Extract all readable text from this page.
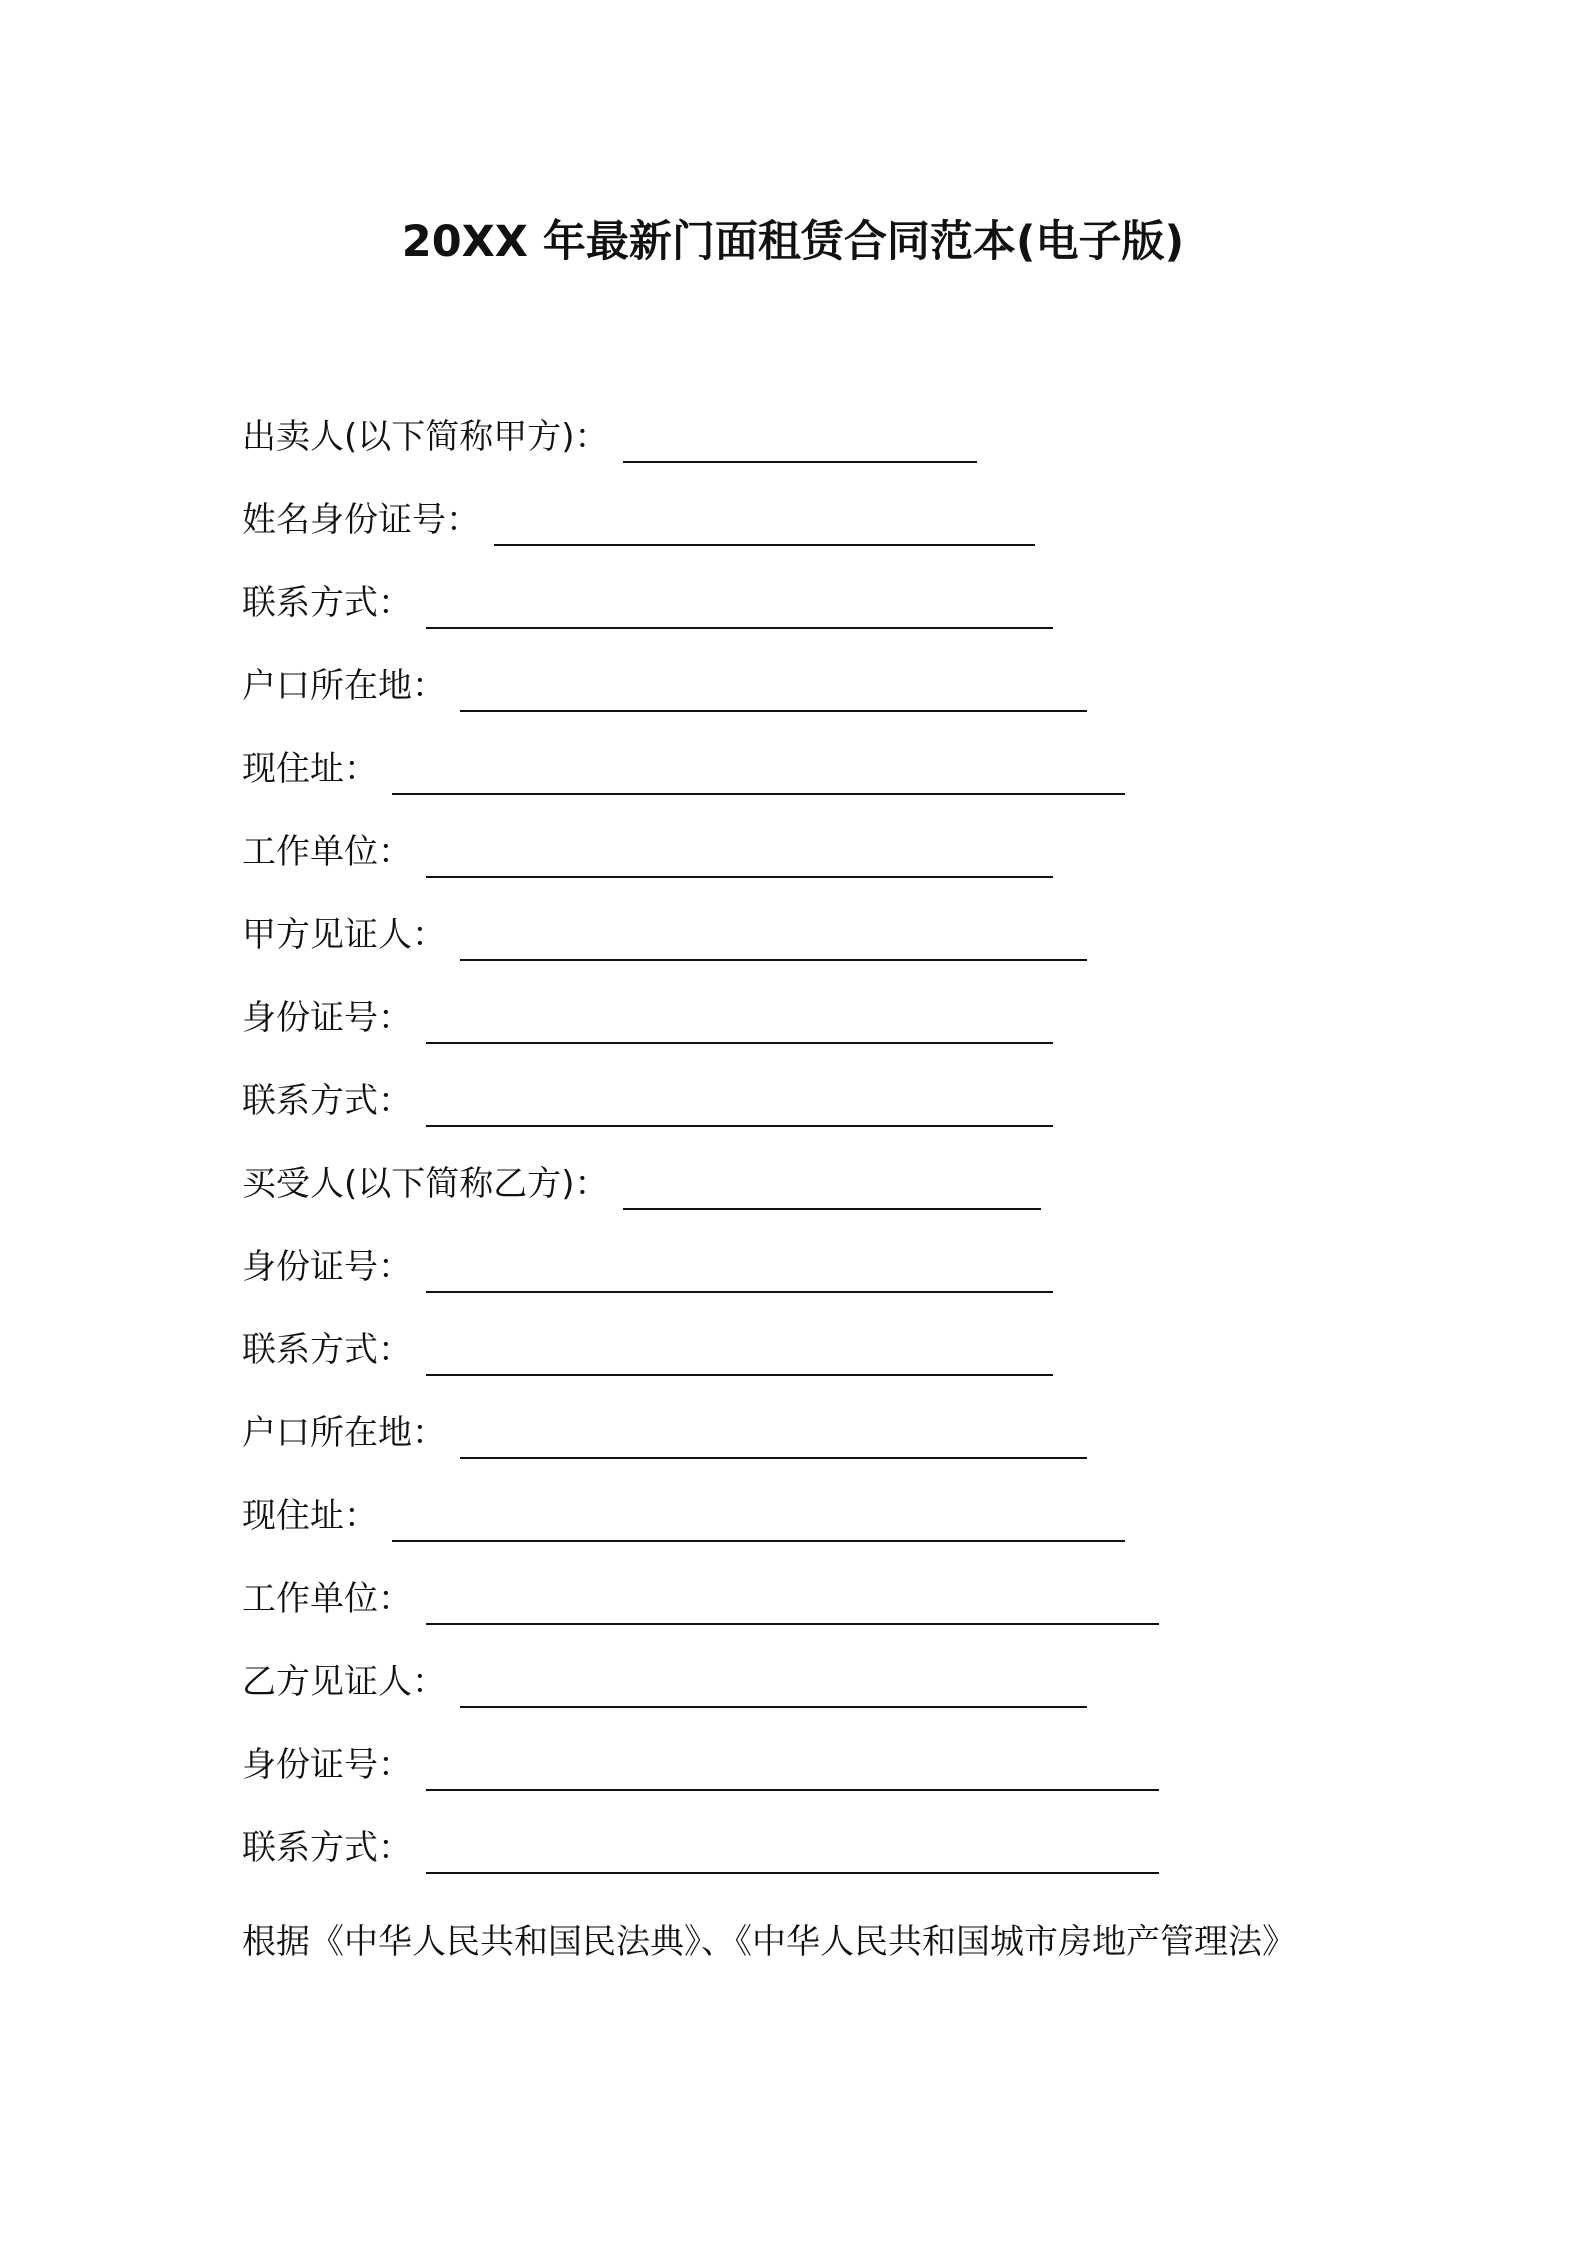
20XX 年最新门面租赁合同范本(电子版)
出卖人(以下简称甲方)：
姓名身份证号：
联系方式：
户口所在地：
现住址：
工作单位：
甲方见证人：
身份证号：
联系方式：
买受人(以下简称乙方)：
身份证号：
联系方式：
户口所在地：
现住址：
工作单位：
乙方见证人：
身份证号：
联系方式：
根据《中华人民共和国民法典》、《中华人民共和国城市房地产管理法》
